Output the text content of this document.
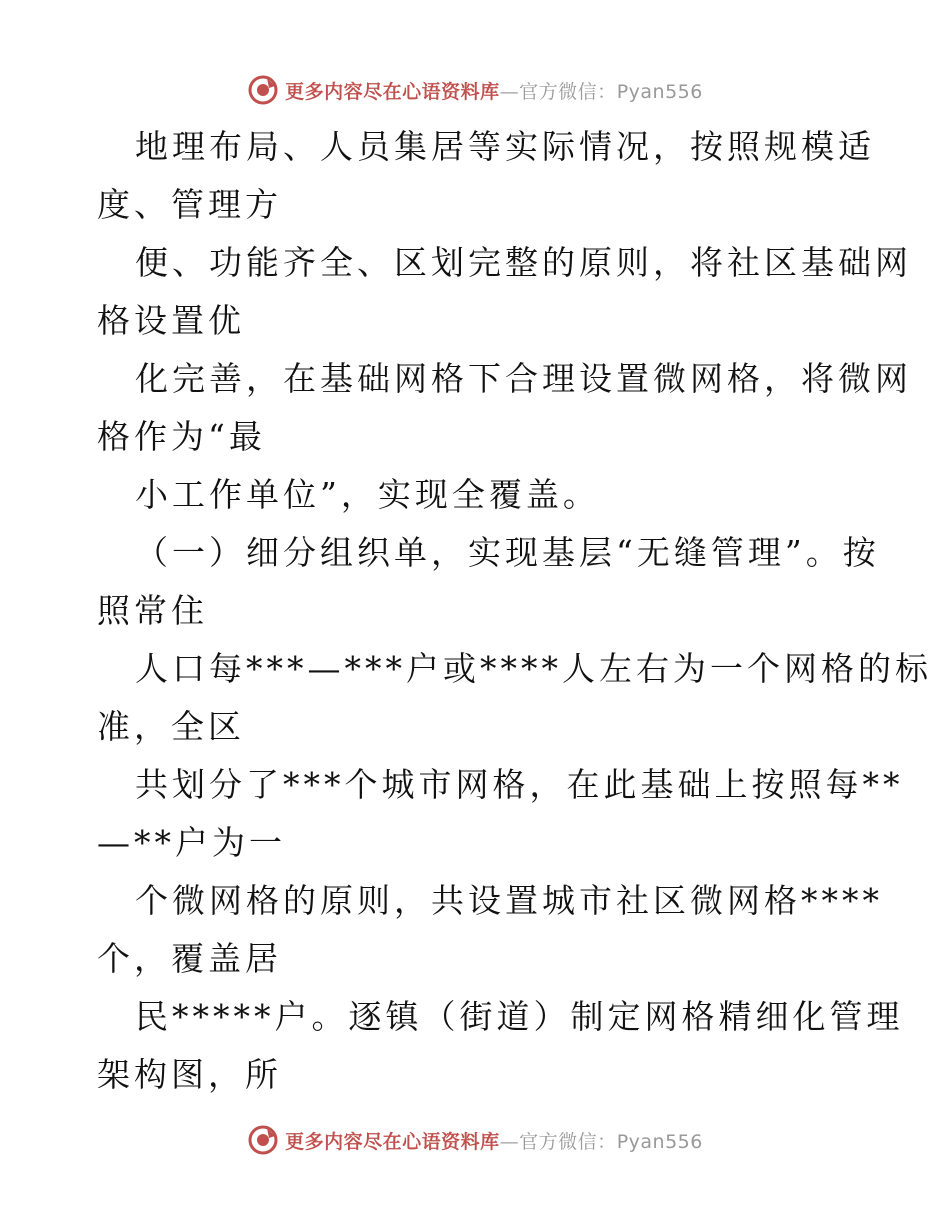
更多内容尽在心语资料库—官方微信：Pyan556
地理布局、人员集居等实际情况，按照规模适
度、管理方
便、功能齐全、区划完整的原则，将社区基础网
格设置优
化完善，在基础网格下合理设置微网格，将微网
格作为“最
小工作单位”，实现全覆盖。
（一）细分组织单，实现基层“无缝管理”。按
照常住
人口每***—***户或****人左右为一个网格的标
准，全区
共划分了***个城市网格，在此基础上按照每**
—**户为一
个微网格的原则，共设置城市社区微网格****
个，覆盖居
民*****户。逐镇（街道）制定网格精细化管理
架构图，所
更多内容尽在心语资料库—官方微信：Pyan556
